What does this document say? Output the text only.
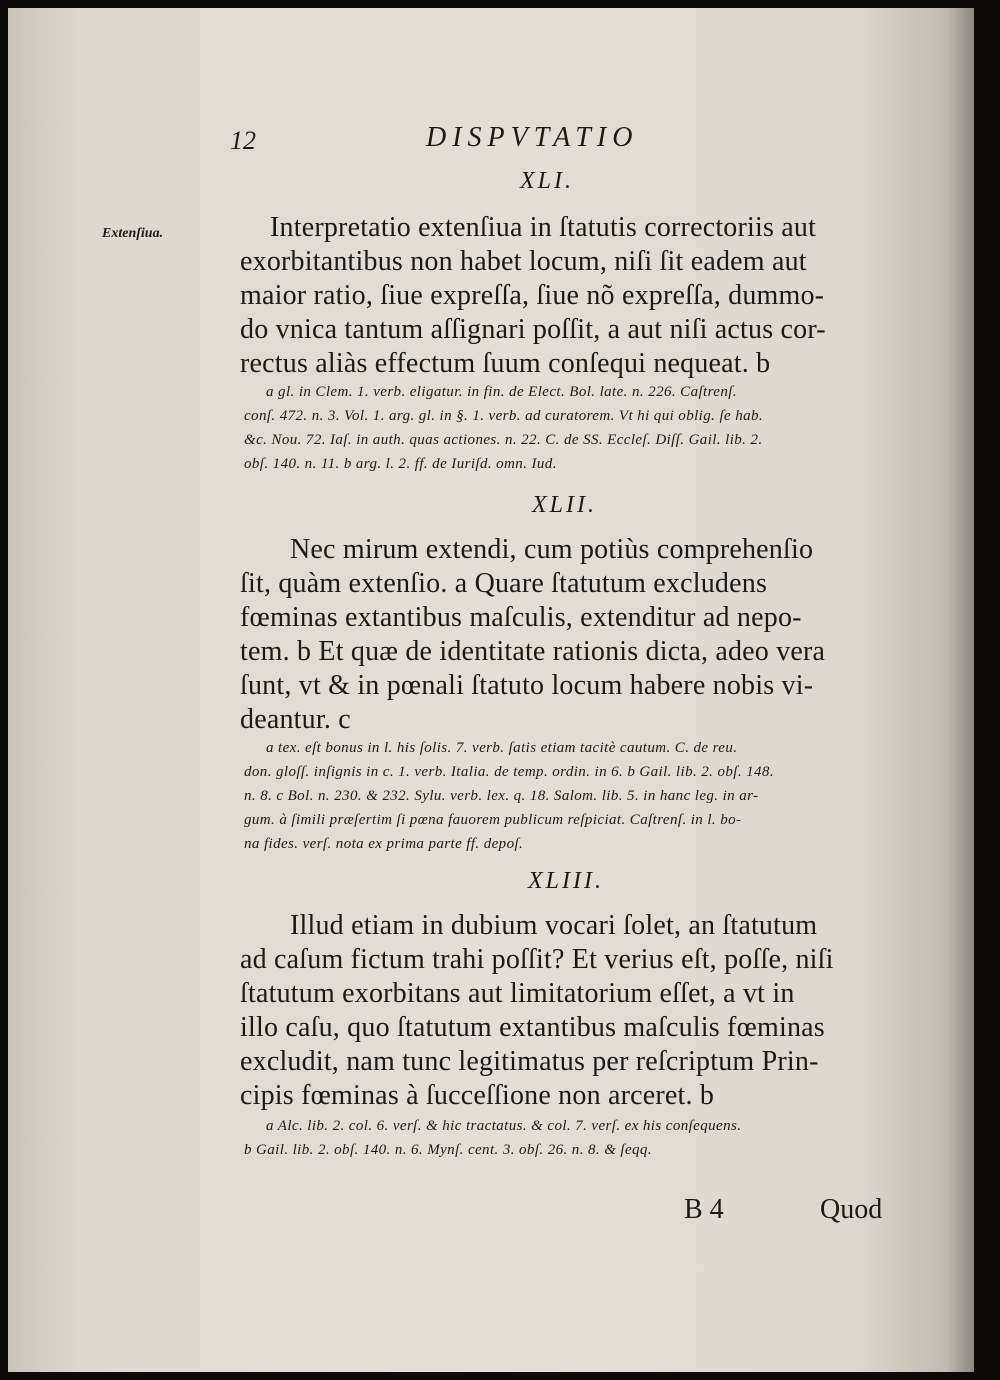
12	DISPVTATIO
Extenſiua.
XLI.
Interpretatio extenſiua in ſtatutis correctoriis aut
exorbitantibus non habet locum, niſi ſit eadem aut
maior ratio, ſiue expreſſa, ſiue nõ expreſſa, dummo-
do vnica tantum aſſignari poſſit, a aut niſi actus cor-
rectus aliàs effectum ſuum conſequi nequeat. b
a gl. in Clem. 1. verb. eligatur. in fin. de Elect. Bol. late. n. 226. Caſtrenſ.
conſ. 472. n. 3. Vol. 1. arg. gl. in §. 1. verb. ad curatorem. Vt hi qui oblig. ſe hab.
&c. Nou. 72. Iaſ. in auth. quas actiones. n. 22. C. de SS. Eccleſ. Diſſ. Gail. lib. 2.
obſ. 140. n. 11. b arg. l. 2. ff. de Iuriſd. omn. Iud.
XLII.
Nec mirum extendi, cum potiùs comprehenſio
ſit, quàm extenſio. a Quare ſtatutum excludens
fœminas extantibus maſculis, extenditur ad nepo-
tem. b Et quæ de identitate rationis dicta, adeo vera
ſunt, vt & in pœnali ſtatuto locum habere nobis vi-
deantur. c
a tex. eſt bonus in l. his ſolis. 7. verb. ſatis etiam tacitè cautum. C. de reu.
don. gloſſ. inſignis in c. 1. verb. Italia. de temp. ordin. in 6. b Gail. lib. 2. obſ. 148.
n. 8. c Bol. n. 230. & 232. Sylu. verb. lex. q. 18. Salom. lib. 5. in hanc leg. in ar-
gum. à ſimili præſertim ſi pœna fauorem publicum reſpiciat. Caſtrenſ. in l. bo-
na fides. verſ. nota ex prima parte ff. depoſ.
XLIII.
Illud etiam in dubium vocari ſolet, an ſtatutum
ad caſum fictum trahi poſſit? Et verius eſt, poſſe, niſi
ſtatutum exorbitans aut limitatorium eſſet, a vt in
illo caſu, quo ſtatutum extantibus maſculis fœminas
excludit, nam tunc legitimatus per reſcriptum Prin-
cipis fœminas à ſucceſſione non arceret. b
a Alc. lib. 2. col. 6. verſ. & hic tractatus. & col. 7. verſ. ex his conſequens.
b Gail. lib. 2. obſ. 140. n. 6. Mynſ. cent. 3. obſ. 26. n. 8. & ſeqq.
B 4	Quod
